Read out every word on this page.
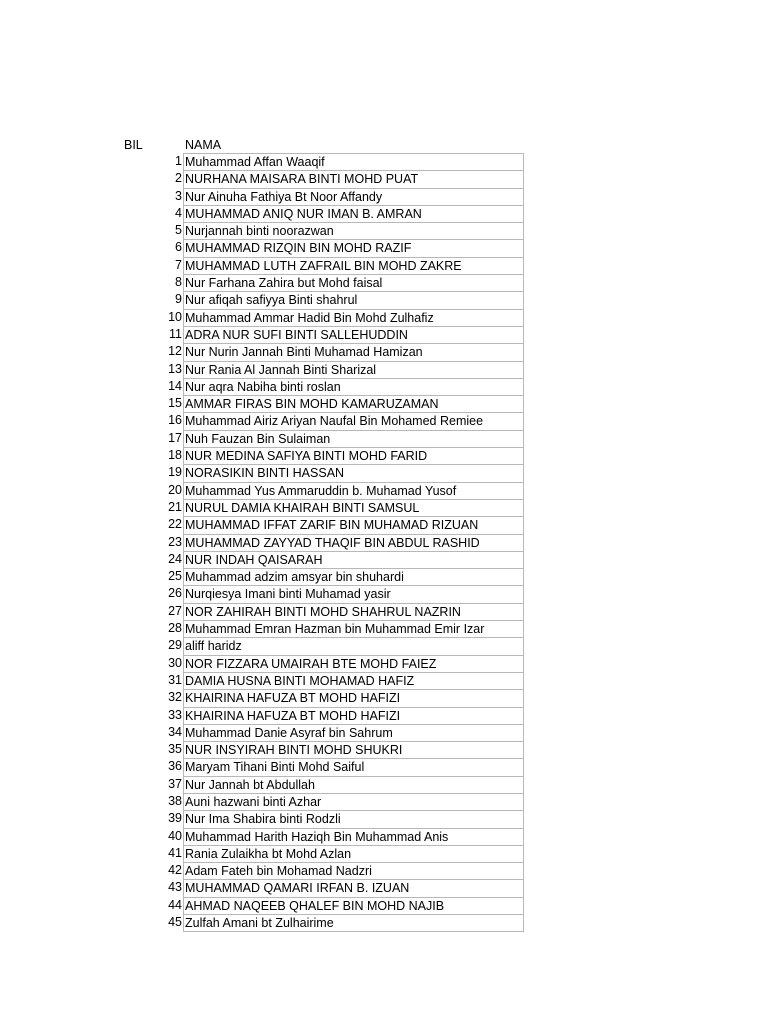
BIL	NAMA
1 Muhammad Affan Waaqif
2 NURHANA MAISARA BINTI MOHD PUAT
3 Nur Ainuha Fathiya Bt Noor Affandy
4 MUHAMMAD ANIQ NUR IMAN B. AMRAN
5 Nurjannah binti noorazwan
6 MUHAMMAD RIZQIN BIN MOHD RAZIF
7 MUHAMMAD LUTH ZAFRAIL BIN MOHD ZAKRE
8 Nur Farhana Zahira but Mohd faisal
9 Nur afiqah safiyya Binti shahrul
10 Muhammad Ammar Hadid Bin Mohd Zulhafiz
11 ADRA NUR SUFI BINTI SALLEHUDDIN
12 Nur Nurin Jannah Binti Muhamad Hamizan
13 Nur Rania Al Jannah Binti Sharizal
14 Nur aqra Nabiha binti roslan
15 AMMAR FIRAS BIN MOHD KAMARUZAMAN
16 Muhammad Airiz Ariyan Naufal Bin Mohamed Remiee
17 Nuh Fauzan Bin Sulaiman
18 NUR MEDINA SAFIYA BINTI MOHD FARID
19 NORASIKIN BINTI HASSAN
20 Muhammad Yus Ammaruddin b. Muhamad Yusof
21 NURUL DAMIA KHAIRAH BINTI SAMSUL
22 MUHAMMAD IFFAT ZARIF BIN MUHAMAD RIZUAN
23 MUHAMMAD ZAYYAD THAQIF BIN ABDUL RASHID
24 NUR INDAH QAISARAH
25 Muhammad adzim amsyar bin shuhardi
26 Nurqiesya Imani binti Muhamad yasir
27 NOR ZAHIRAH BINTI MOHD SHAHRUL NAZRIN
28 Muhammad Emran Hazman bin Muhammad Emir Izar
29 aliff haridz
30 NOR FIZZARA UMAIRAH BTE MOHD FAIEZ
31 DAMIA HUSNA BINTI MOHAMAD HAFIZ
32 KHAIRINA HAFUZA BT MOHD HAFIZI
33 KHAIRINA HAFUZA BT MOHD HAFIZI
34 Muhammad Danie Asyraf bin Sahrum
35 NUR INSYIRAH BINTI MOHD SHUKRI
36 Maryam Tihani Binti Mohd Saiful
37 Nur Jannah bt Abdullah
38 Auni hazwani binti Azhar
39 Nur Ima Shabira binti Rodzli
40 Muhammad Harith Haziqh Bin Muhammad Anis
41 Rania Zulaikha bt Mohd Azlan
42 Adam Fateh bin Mohamad Nadzri
43 MUHAMMAD QAMARI IRFAN B. IZUAN
44 AHMAD NAQEEB QHALEF BIN MOHD NAJIB
45 Zulfah Amani bt Zulhairime
